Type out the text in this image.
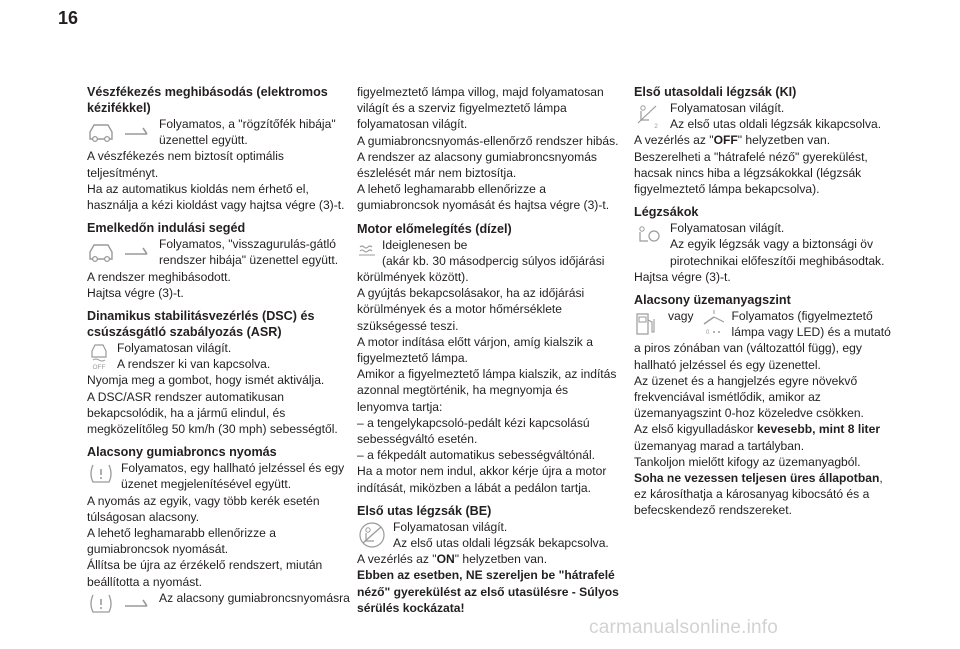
16
Vészfékezés meghibásodás (elektromos kézifékkel)

Folyamatos, a "rögzítőfék hibája" üzenettel együtt.

A vészfékezés nem biztosít optimális teljesítményt.
Ha az automatikus kioldás nem érhető el, használja a kézi kioldást vagy hajtsa végre (3)-t.

Emelkedőn indulási segéd

Folyamatos, "visszagurulás-gátló rendszer hibája" üzenettel együtt.

A rendszer meghibásodott.
Hajtsa végre (3)-t.

Dinamikus stabilitásvezérlés (DSC) és csúszásgátló szabályozás (ASR)
OFF

Folyamatosan világít.
A rendszer ki van kapcsolva.

Nyomja meg a gombot, hogy ismét aktiválja.
A DSC/ASR rendszer automatikusan bekapcsolódik, ha a jármű elindul, és megközelítőleg 50 km/h (30 mph) sebességtől.

Alacsony gumiabroncs nyomás

Folyamatos, egy hallható jelzéssel és egy üzenet megjelenítésével együtt.

A nyomás az egyik, vagy több kerék esetén túlságosan alacsony.
A lehető leghamarabb ellenőrizze a gumiabroncsok nyomását.
Állítsa be újra az érzékelő rendszert, miután beállította a nyomást.

Az alacsony gumiabroncsnyomásra

figyelmeztető lámpa villog, majd folyamatosan világít és a szerviz figyelmeztető lámpa folyamatosan világít.
A gumiabroncsnyomás-ellenőrző rendszer hibás. A rendszer az alacsony gumiabroncsnyomás észlelését már nem biztosítja.
A lehető leghamarabb ellenőrizze a gumiabroncsok nyomását és hajtsa végre (3)-t.

Motor előmelegítés (dízel)

Ideiglenesen be
(akár kb. 30 másodpercig súlyos időjárási

körülmények között).
A gyújtás bekapcsolásakor, ha az időjárási körülmények és a motor hőmérséklete szükségessé teszi.
A motor indítása előtt várjon, amíg kialszik a figyelmeztető lámpa.
Amikor a figyelmeztető lámpa kialszik, az indítás azonnal megtörténik, ha megnyomja és lenyomva tartja:
– a tengelykapcsoló-pedált kézi kapcsolású sebességváltó esetén.
– a fékpedált automatikus sebességváltónál.
Ha a motor nem indul, akkor kérje újra a motor indítását, miközben a lábát a pedálon tartja.

Első utas légzsák (BE)

Folyamatosan világít.
Az első utas oldali légzsák bekapcsolva.

A vezérlés az "ON" helyzetben van.

Ebben az esetben, NE szereljen be "hátrafelé néző" gyerekülést az első utasülésre - Súlyos sérülés kockázata!

Első utasoldali légzsák (KI)
2

Folyamatosan világít.
Az első utas oldali légzsák kikapcsolva.

A vezérlés az "OFF" helyzetben van.
Beszerelheti a "hátrafelé néző" gyerekülést, hacsak nincs hiba a légzsákokkal (légzsák figyelmeztető lámpa bekapcsolva).

Légzsákok

Folyamatosan világít.
Az egyik légzsák vagy a biztonsági öv pirotechnikai előfeszítői meghibásodtak.

Hajtsa végre (3)-t.

Alacsony üzemanyagszint
vagy
0

Folyamatos (figyelmeztető lámpa vagy LED) és a mutató

a piros zónában van (változattól függ), egy hallható jelzéssel és egy üzenettel.
Az üzenet és a hangjelzés egyre növekvő frekvenciával ismétlődik, amikor az üzemanyagszint 0-hoz közeledve csökken.

Az első kigyulladáskor kevesebb, mint 8 liter üzemanyag marad a tartályban.
Tankoljon mielőtt kifogy az üzemanyagból.

Soha ne vezessen teljesen üres állapotban, ez károsíthatja a károsanyag kibocsátó és a befecskendező rendszereket.

carmanualsonline.info
